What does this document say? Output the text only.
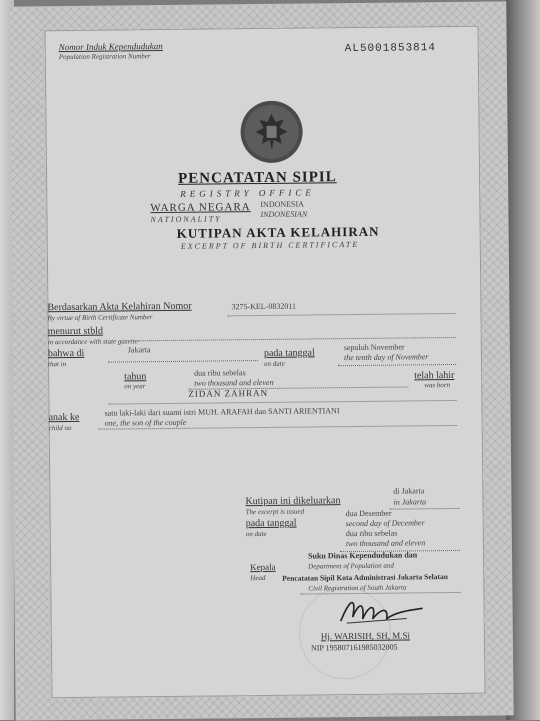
Nomor Induk Kependudukan
Population Registration Number
AL5001853814
PENCATATAN SIPIL
REGISTRY OFFICE
WARGA NEGARA
NATIONALITY
INDONESIA
INDONESIAN
KUTIPAN AKTA KELAHIRAN
EXCERPT OF BIRTH CERTIFICATE
Berdasarkan Akta Kelahiran Nomor
By virtue of Birth Certificate Number
3275-KEL-0832011
menurut stbld
in accordance with state gazette
bahwa di
that in
Jakarta	pada tanggal
on date
sepuluh November
the tenth day of November
tahun
on year
dua ribu sebelas
two thousand and eleven
telah lahir
was born
ZIDAN ZAHRAN
anak ke
child no
satu laki-laki dari suami istri MUH. ARAFAH dan SANTI ARIENTIANI
one, the son of the couple
Kutipan ini dikeluarkan
The excerpt is issued
di Jakarta
in Jakarta
pada tanggal
on date
dua Desember
second day of December
dua ribu sebelas
two thousand and eleven
Suku Dinas Kependudukan dan
Department of Population and
Kepala
Head Pencatatan Sipil Kota Administrasi Jakarta Selatan
Civil Registration of South Jakarta
Hj. WARISIH, SH, M.Si
NIP 195807161985032005
